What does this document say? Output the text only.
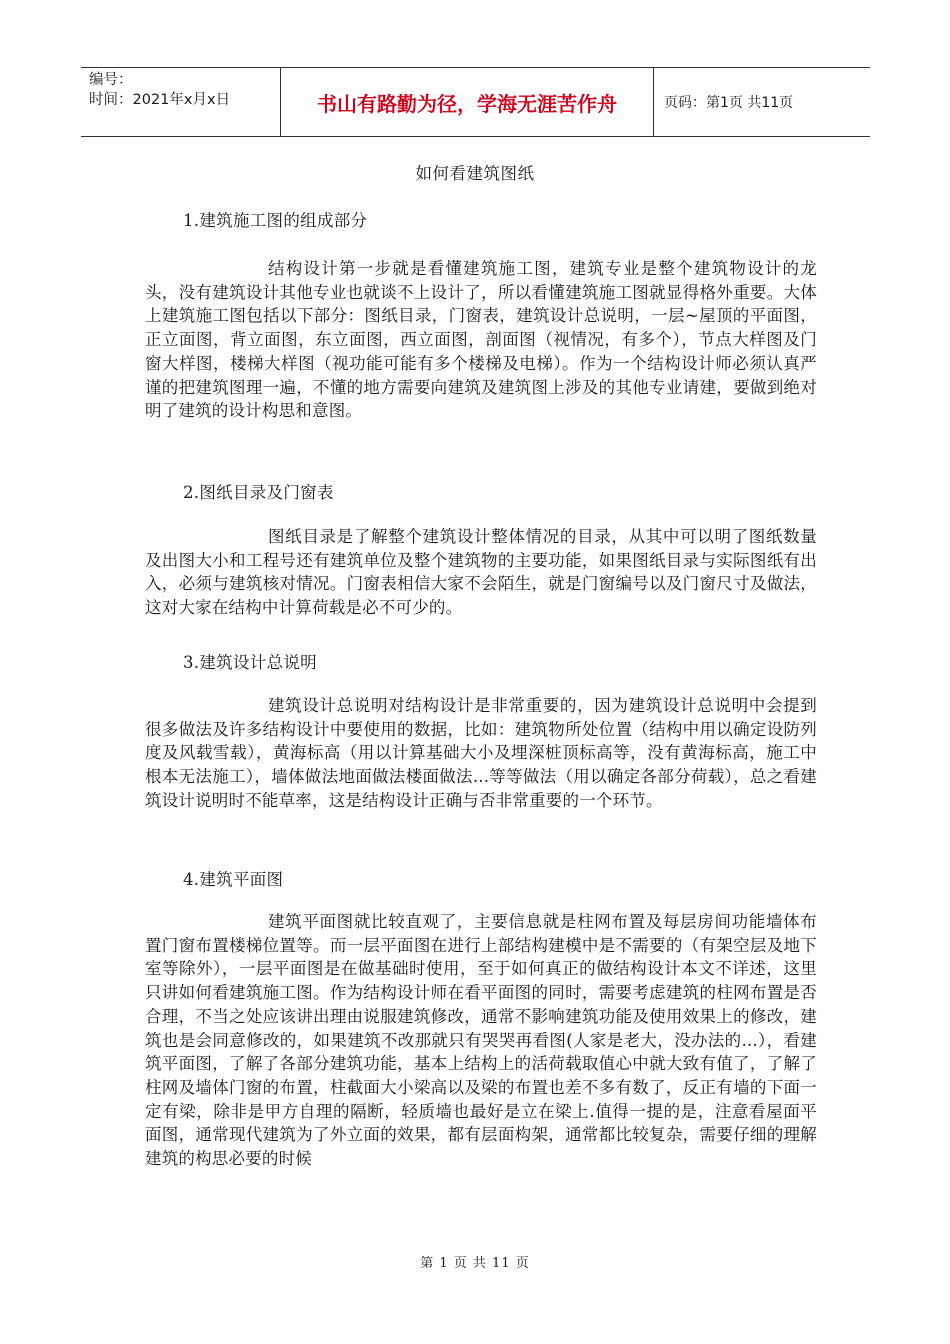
编号：
时间：2021年x月x日	书山有路勤为径，学海无涯苦作舟	页码：第1页 共11页
如何看建筑图纸
1.建筑施工图的组成部分
结构设计第一步就是看懂建筑施工图，建筑专业是整个建筑物设计的龙头，没有建筑设计其他专业也就谈不上设计了，所以看懂建筑施工图就显得格外重要。大体上建筑施工图包括以下部分：图纸目录，门窗表，建筑设计总说明，一层~屋顶的平面图，正立面图，背立面图，东立面图，西立面图，剖面图（视情况，有多个），节点大样图及门窗大样图，楼梯大样图（视功能可能有多个楼梯及电梯）。作为一个结构设计师必须认真严谨的把建筑图理一遍，不懂的地方需要向建筑及建筑图上涉及的其他专业请建，要做到绝对明了建筑的设计构思和意图。
2.图纸目录及门窗表
图纸目录是了解整个建筑设计整体情况的目录，从其中可以明了图纸数量及出图大小和工程号还有建筑单位及整个建筑物的主要功能，如果图纸目录与实际图纸有出入，必须与建筑核对情况。门窗表相信大家不会陌生，就是门窗编号以及门窗尺寸及做法，这对大家在结构中计算荷载是必不可少的。
3.建筑设计总说明
建筑设计总说明对结构设计是非常重要的，因为建筑设计总说明中会提到很多做法及许多结构设计中要使用的数据，比如：建筑物所处位置（结构中用以确定设防列度及风载雪载），黄海标高（用以计算基础大小及埋深桩顶标高等，没有黄海标高，施工中根本无法施工），墙体做法地面做法楼面做法...等等做法（用以确定各部分荷载），总之看建筑设计说明时不能草率，这是结构设计正确与否非常重要的一个环节。
4.建筑平面图
建筑平面图就比较直观了，主要信息就是柱网布置及每层房间功能墙体布置门窗布置楼梯位置等。而一层平面图在进行上部结构建模中是不需要的（有架空层及地下室等除外），一层平面图是在做基础时使用，至于如何真正的做结构设计本文不详述，这里只讲如何看建筑施工图。作为结构设计师在看平面图的同时，需要考虑建筑的柱网布置是否合理，不当之处应该讲出理由说服建筑修改，通常不影响建筑功能及使用效果上的修改，建筑也是会同意修改的，如果建筑不改那就只有哭哭再看图(人家是老大，没办法的...），看建筑平面图，了解了各部分建筑功能，基本上结构上的活荷载取值心中就大致有值了，了解了柱网及墙体门窗的布置，柱截面大小梁高以及梁的布置也差不多有数了，反正有墙的下面一定有梁，除非是甲方自理的隔断，轻质墙也最好是立在梁上.值得一提的是，注意看屋面平面图，通常现代建筑为了外立面的效果，都有层面构架，通常都比较复杂，需要仔细的理解建筑的构思必要的时候
第 1 页 共 11 页
